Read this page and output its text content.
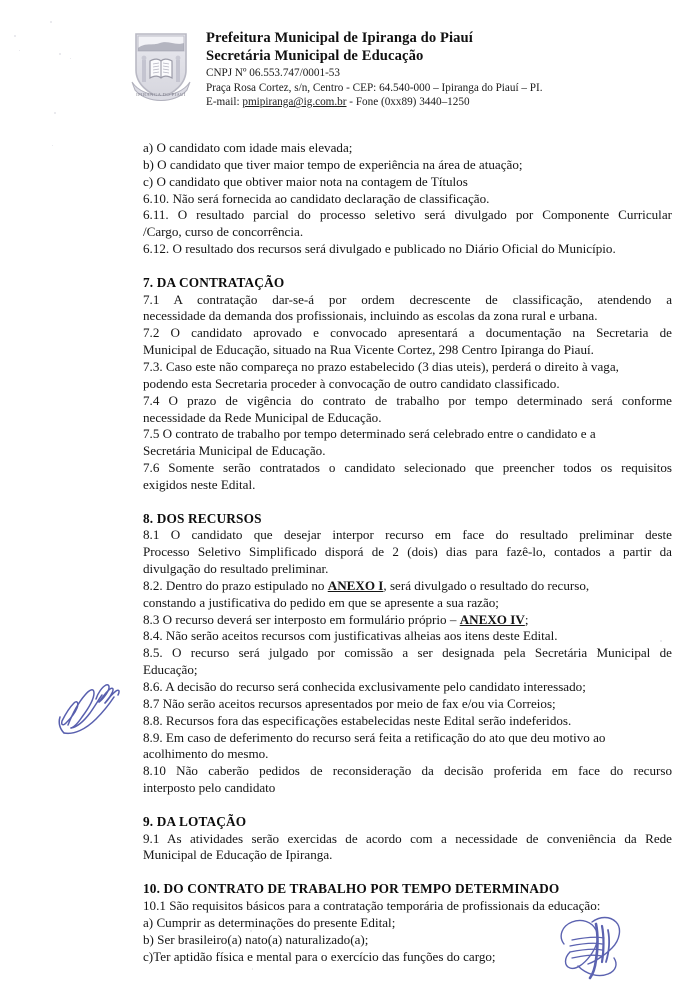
IPIRANGA DO PIAUÍ
Prefeitura Municipal de Ipiranga do Piauí
Secretária Municipal de Educação
CNPJ Nº 06.553.747/0001-53
Praça Rosa Cortez, s/n, Centro - CEP: 64.540-000 – Ipiranga do Piauí – PI.
E-mail: pmipiranga@ig.com.br - Fone (0xx89) 3440–1250
a) O candidato com idade mais elevada;
b) O candidato que tiver maior tempo de experiência na área de atuação;
c) O candidato que obtiver maior nota na contagem de Títulos
6.10. Não será fornecida ao candidato declaração de classificação.
6.11. O resultado parcial do processo seletivo será divulgado por Componente Curricular
/Cargo, curso de concorrência.
6.12. O resultado dos recursos será divulgado e publicado no Diário Oficial do Município.
7. DA CONTRATAÇÃO
7.1 A contratação dar-se-á por ordem decrescente de classificação, atendendo a
necessidade da demanda dos profissionais, incluindo as escolas da zona rural e urbana.
7.2 O candidato aprovado e convocado apresentará a documentação na Secretaria de
Municipal de Educação, situado na Rua Vicente Cortez, 298 Centro Ipiranga do Piauí.
7.3. Caso este não compareça no prazo estabelecido (3 dias uteis), perderá o direito à vaga,
podendo esta Secretaria proceder à convocação de outro candidato classificado.
7.4 O prazo de vigência do contrato de trabalho por tempo determinado será conforme
necessidade da Rede Municipal de Educação.
7.5 O contrato de trabalho por tempo determinado será celebrado entre o candidato e a
Secretária Municipal de Educação.
7.6 Somente serão contratados o candidato selecionado que preencher todos os requisitos
exigidos neste Edital.
8. DOS RECURSOS
8.1 O candidato que desejar interpor recurso em face do resultado preliminar deste
Processo Seletivo Simplificado disporá de 2 (dois) dias para fazê-lo, contados a partir da
divulgação do resultado preliminar.
8.2. Dentro do prazo estipulado no ANEXO I, será divulgado o resultado do recurso,
constando a justificativa do pedido em que se apresente a sua razão;
8.3 O recurso deverá ser interposto em formulário próprio – ANEXO IV;
8.4. Não serão aceitos recursos com justificativas alheias aos itens deste Edital.
8.5. O recurso será julgado por comissão a ser designada pela Secretária Municipal de
Educação;
8.6. A decisão do recurso será conhecida exclusivamente pelo candidato interessado;
8.7 Não serão aceitos recursos apresentados por meio de fax e/ou via Correios;
8.8. Recursos fora das especificações estabelecidas neste Edital serão indeferidos.
8.9. Em caso de deferimento do recurso será feita a retificação do ato que deu motivo ao
acolhimento do mesmo.
8.10 Não caberão pedidos de reconsideração da decisão proferida em face do recurso
interposto pelo candidato
9. DA LOTAÇÃO
9.1 As atividades serão exercidas de acordo com a necessidade de conveniência da Rede
Municipal de Educação de Ipiranga.
10. DO CONTRATO DE TRABALHO POR TEMPO DETERMINADO
10.1 São requisitos básicos para a contratação temporária de profissionais da educação:
a) Cumprir as determinações do presente Edital;
b) Ser brasileiro(a) nato(a) naturalizado(a);
c)Ter aptidão física e mental para o exercício das funções do cargo;
